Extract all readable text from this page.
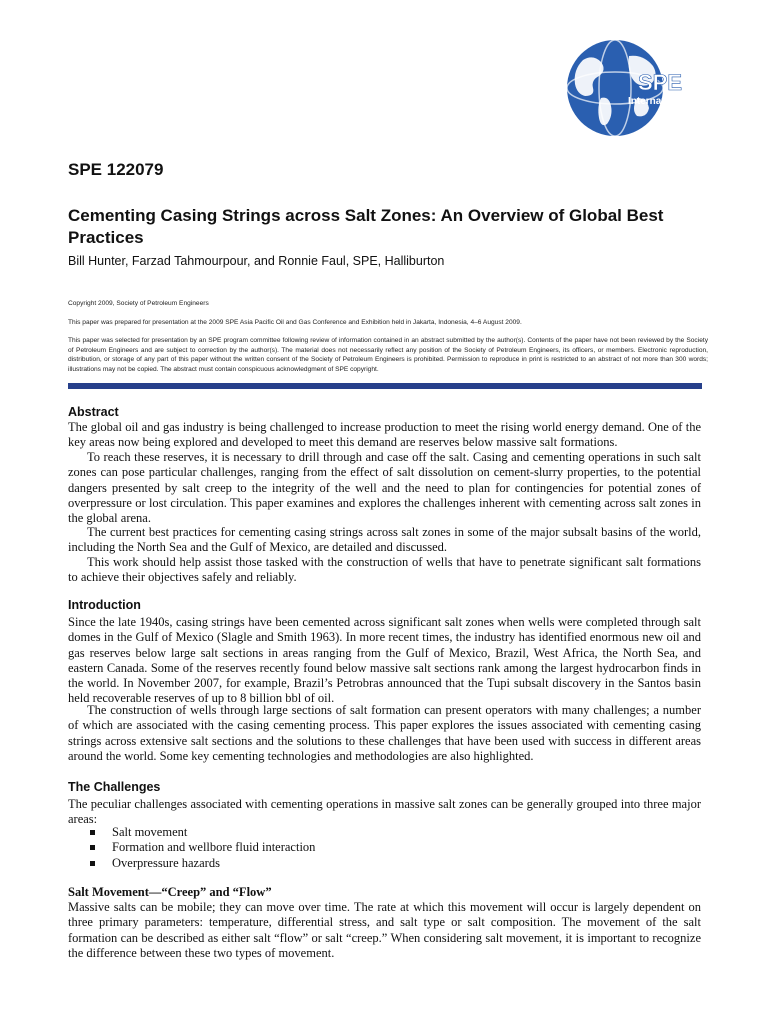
SPE
International
SPE 122079
Cementing Casing Strings across Salt Zones: An Overview of Global Best Practices

Bill Hunter, Farzad Tahmourpour, and Ronnie Faul, SPE, Halliburton

Copyright 2009, Society of Petroleum Engineers

This paper was prepared for presentation at the 2009 SPE Asia Pacific Oil and Gas Conference and Exhibition held in Jakarta, Indonesia, 4–6 August 2009.

This paper was selected for presentation by an SPE program committee following review of information contained in an abstract submitted by the author(s). Contents of the paper have not been reviewed by the Society of Petroleum Engineers and are subject to correction by the author(s). The material does not necessarily reflect any position of the Society of Petroleum Engineers, its officers, or members. Electronic reproduction, distribution, or storage of any part of this paper without the written consent of the Society of Petroleum Engineers is prohibited. Permission to reproduce in print is restricted to an abstract of not more than 300 words; illustrations may not be copied. The abstract must contain conspicuous acknowledgment of SPE copyright.

Abstract

The global oil and gas industry is being challenged to increase production to meet the rising world energy demand. One of the key areas now being explored and developed to meet this demand are reserves below massive salt formations.

To reach these reserves, it is necessary to drill through and case off the salt. Casing and cementing operations in such salt zones can pose particular challenges, ranging from the effect of salt dissolution on cement-slurry properties, to the potential dangers presented by salt creep to the integrity of the well and the need to plan for contingencies for potential zones of overpressure or lost circulation. This paper examines and explores the challenges inherent with cementing across salt zones in the global arena.

The current best practices for cementing casing strings across salt zones in some of the major subsalt basins of the world, including the North Sea and the Gulf of Mexico, are detailed and discussed.

This work should help assist those tasked with the construction of wells that have to penetrate significant salt formations to achieve their objectives safely and reliably.

Introduction

Since the late 1940s, casing strings have been cemented across significant salt zones when wells were completed through salt domes in the Gulf of Mexico (Slagle and Smith 1963). In more recent times, the industry has identified enormous new oil and gas reserves below large salt sections in areas ranging from the Gulf of Mexico, Brazil, West Africa, the North Sea, and eastern Canada. Some of the reserves recently found below massive salt sections rank among the largest hydrocarbon finds in the world. In November 2007, for example, Brazil’s Petrobras announced that the Tupi subsalt discovery in the Santos basin held recoverable reserves of up to 8 billion bbl of oil.

The construction of wells through large sections of salt formation can present operators with many challenges; a number of which are associated with the casing cementing process. This paper explores the issues associated with cementing casing strings across extensive salt sections and the solutions to these challenges that have been used with success in different areas around the world. Some key cementing technologies and methodologies are also highlighted.

The Challenges

The peculiar challenges associated with cementing operations in massive salt zones can be generally grouped into three major areas:

Salt movement
Formation and wellbore fluid interaction
Overpressure hazards
Salt Movement—“Creep” and “Flow”

Massive salts can be mobile; they can move over time. The rate at which this movement will occur is largely dependent on three primary parameters: temperature, differential stress, and salt type or salt composition. The movement of the salt formation can be described as either salt “flow” or salt “creep.” When considering salt movement, it is important to recognize the difference between these two types of movement.
